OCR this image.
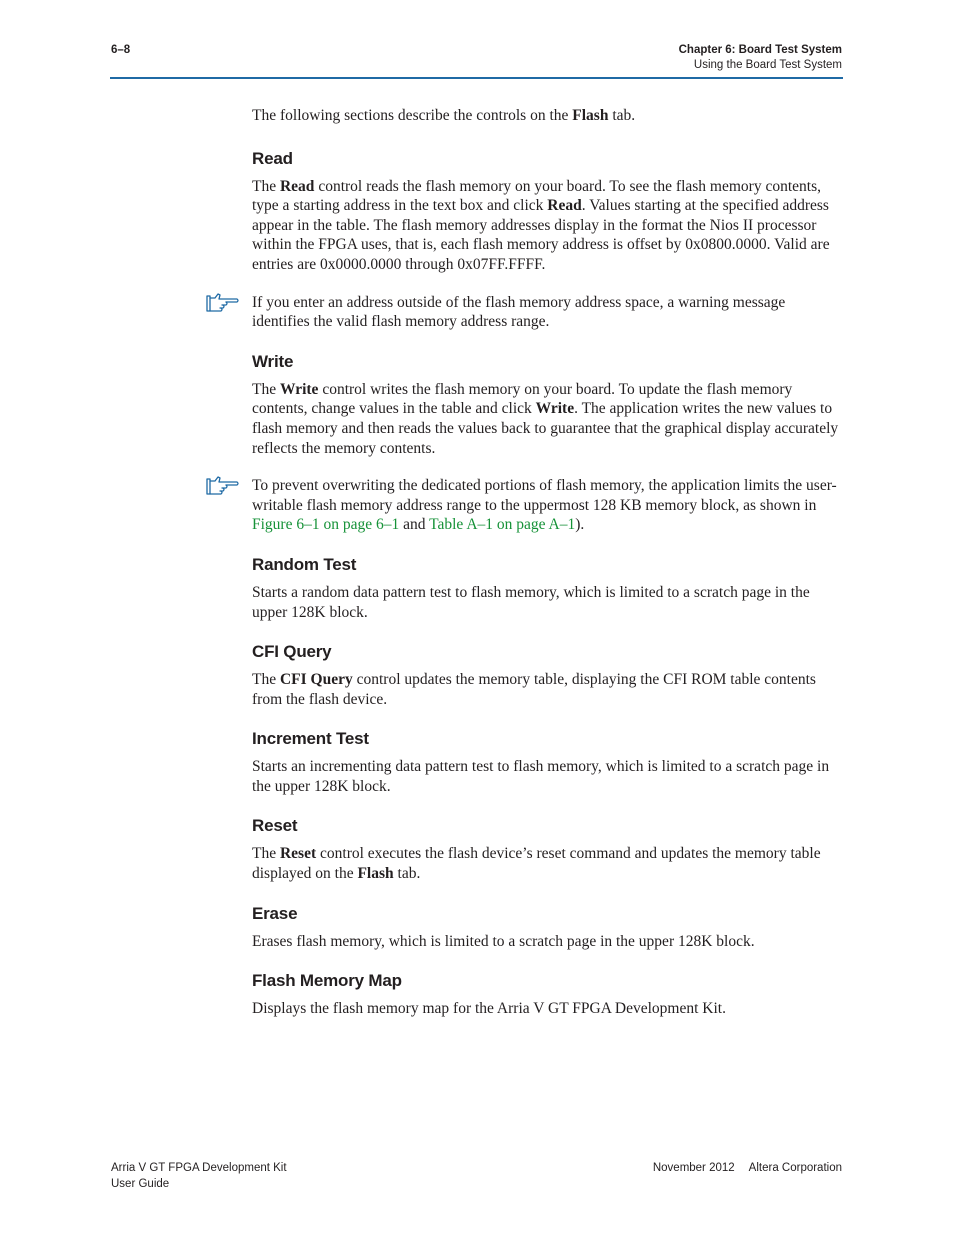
6–8	Chapter 6: Board Test System
Using the Board Test System

The following sections describe the controls on the Flash tab.

Read

The Read control reads the flash memory on your board. To see the flash memory contents, type a starting address in the text box and click Read. Values starting at the specified address appear in the table. The flash memory addresses display in the format the Nios II processor within the FPGA uses, that is, each flash memory address is offset by 0x0800.0000. Valid are entries are 0x0000.0000 through 0x07FF.FFFF.

If you enter an address outside of the flash memory address space, a warning message identifies the valid flash memory address range.

Write

The Write control writes the flash memory on your board. To update the flash memory contents, change values in the table and click Write. The application writes the new values to flash memory and then reads the values back to guarantee that the graphical display accurately reflects the memory contents.

To prevent overwriting the dedicated portions of flash memory, the application limits the user-writable flash memory address range to the uppermost 128 KB memory block, as shown in Figure 6–1 on page 6–1 and Table A–1 on page A–1).

Random Test

Starts a random data pattern test to flash memory, which is limited to a scratch page in the upper 128K block.

CFI Query

The CFI Query control updates the memory table, displaying the CFI ROM table contents from the flash device.

Increment Test

Starts an incrementing data pattern test to flash memory, which is limited to a scratch page in the upper 128K block.

Reset

The Reset control executes the flash device’s reset command and updates the memory table displayed on the Flash tab.

Erase

Erases flash memory, which is limited to a scratch page in the upper 128K block.

Flash Memory Map

Displays the flash memory map for the Arria V GT FPGA Development Kit.

Arria V GT FPGA Development Kit
User Guide
November 2012 Altera Corporation
